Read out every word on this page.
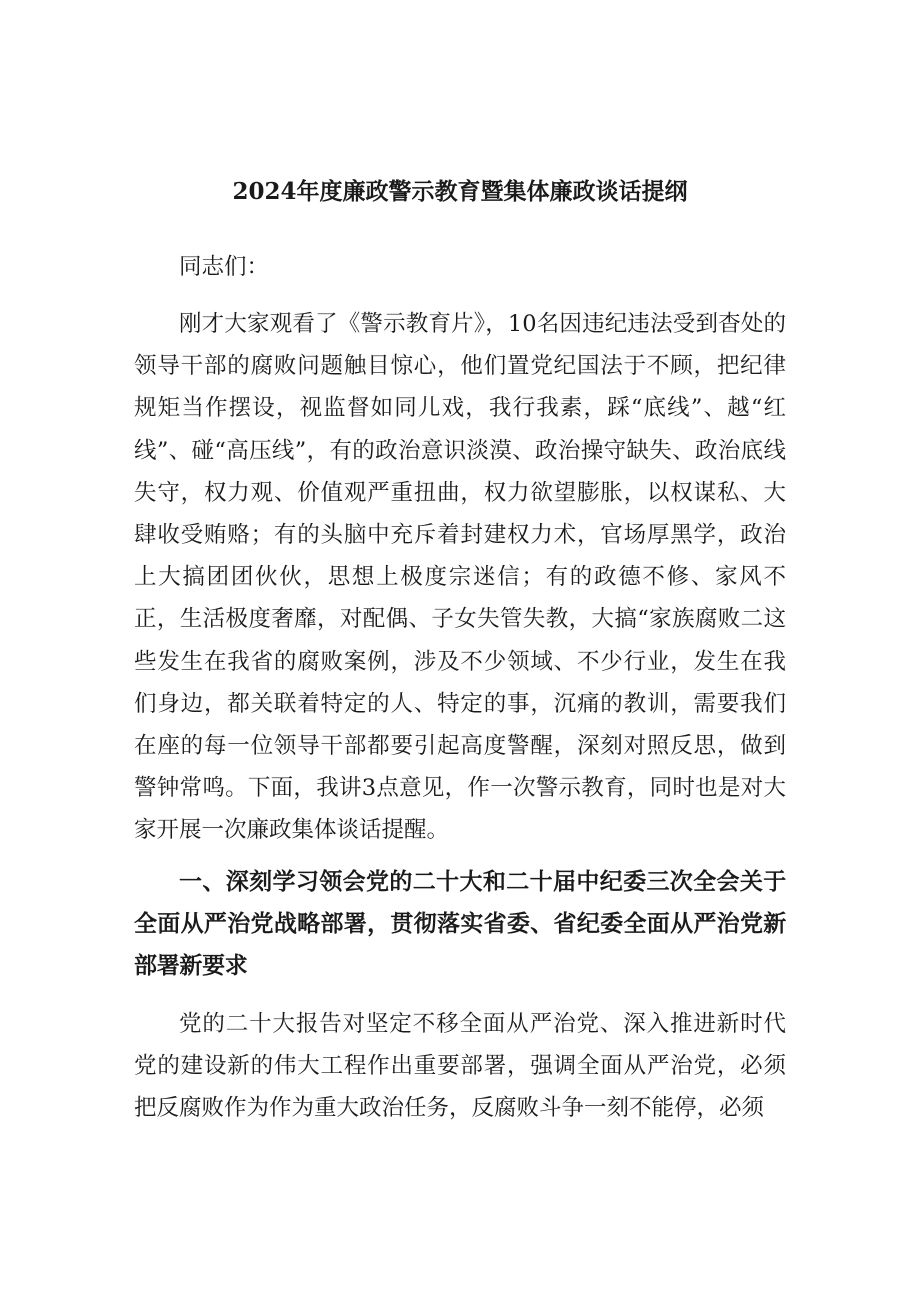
2024年度廉政警示教育暨集体廉政谈话提纲

同志们：

刚才大家观看了《警示教育片》，10名因违纪违法受到杳处的领导干部的腐败问题触目惊心，他们置党纪国法于不顾，把纪律规矩当作摆设，视监督如同儿戏，我行我素，踩“底线”、越“红线”、碰“高压线”，有的政治意识淡漠、政治操守缺失、政治底线失守，权力观、价值观严重扭曲，权力欲望膨胀，以权谋私、大肆收受贿赂；有的头脑中充斥着封建权力术，官场厚黑学，政治上大搞团团伙伙，思想上极度宗迷信；有的政德不修、家风不正，生活极度奢靡，对配偶、子女失管失教，大搞“家族腐败二这些发生在我省的腐败案例，涉及不少领域、不少行业，发生在我们身边，都关联着特定的人、特定的事，沉痛的教训，需要我们在座的每一位领导干部都要引起高度警醒，深刻对照反思，做到警钟常鸣。下面，我讲3点意见，作一次警示教育，同时也是对大家开展一次廉政集体谈话提醒。

一、深刻学习领会党的二十大和二十届中纪委三次全会关于全面从严治党战略部署，贯彻落实省委、省纪委全面从严治党新部署新要求

党的二十大报告对坚定不移全面从严治党、深入推进新时代党的建设新的伟大工程作出重要部署，强调全面从严治党，必须把反腐败作为作为重大政治任务，反腐败斗争一刻不能停，必须
